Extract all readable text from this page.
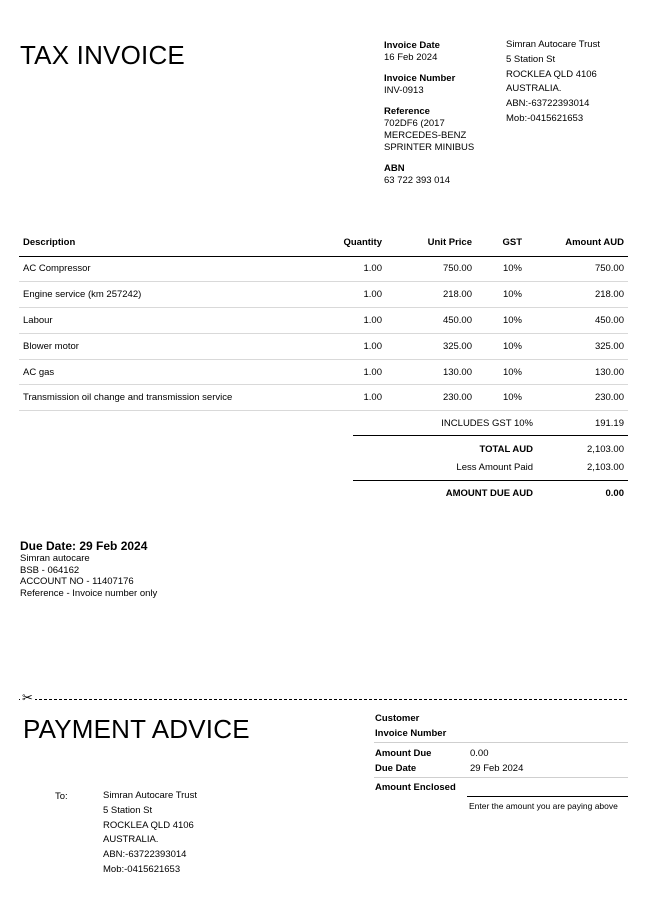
TAX INVOICE	Invoice Date
16 Feb 2024
Invoice Number
INV-0913
Reference
702DF6 (2017
MERCEDES-BENZ
SPRINTER MINIBUS
ABN
63 722 393 014
Simran Autocare Trust
5 Station St
ROCKLEA QLD 4106
AUSTRALIA.
ABN:-63722393014
Mob:-0415621653
Description	Quantity	Unit Price	GST	Amount AUD
AC Compressor	1.00	750.00	10%	750.00
Engine service (km 257242)	1.00	218.00	10%	218.00
Labour	1.00	450.00	10%	450.00
Blower motor	1.00	325.00	10%	325.00
AC gas	1.00	130.00	10%	130.00
Transmission oil change and transmission service	1.00	230.00	10%	230.00
INCLUDES GST 10%	191.19
TOTAL AUD	2,103.00
Less Amount Paid	2,103.00
AMOUNT DUE AUD	0.00
Due Date: 29 Feb 2024
Simran autocare
BSB - 064162
ACCOUNT NO - 11407176
Reference - Invoice number only
✂
PAYMENT ADVICE
To:	Simran Autocare Trust
5 Station St
ROCKLEA QLD 4106
AUSTRALIA.
ABN:-63722393014
Mob:-0415621653
Customer
Invoice Number
Amount Due	0.00
Due Date	29 Feb 2024
Amount Enclosed
Enter the amount you are paying above
